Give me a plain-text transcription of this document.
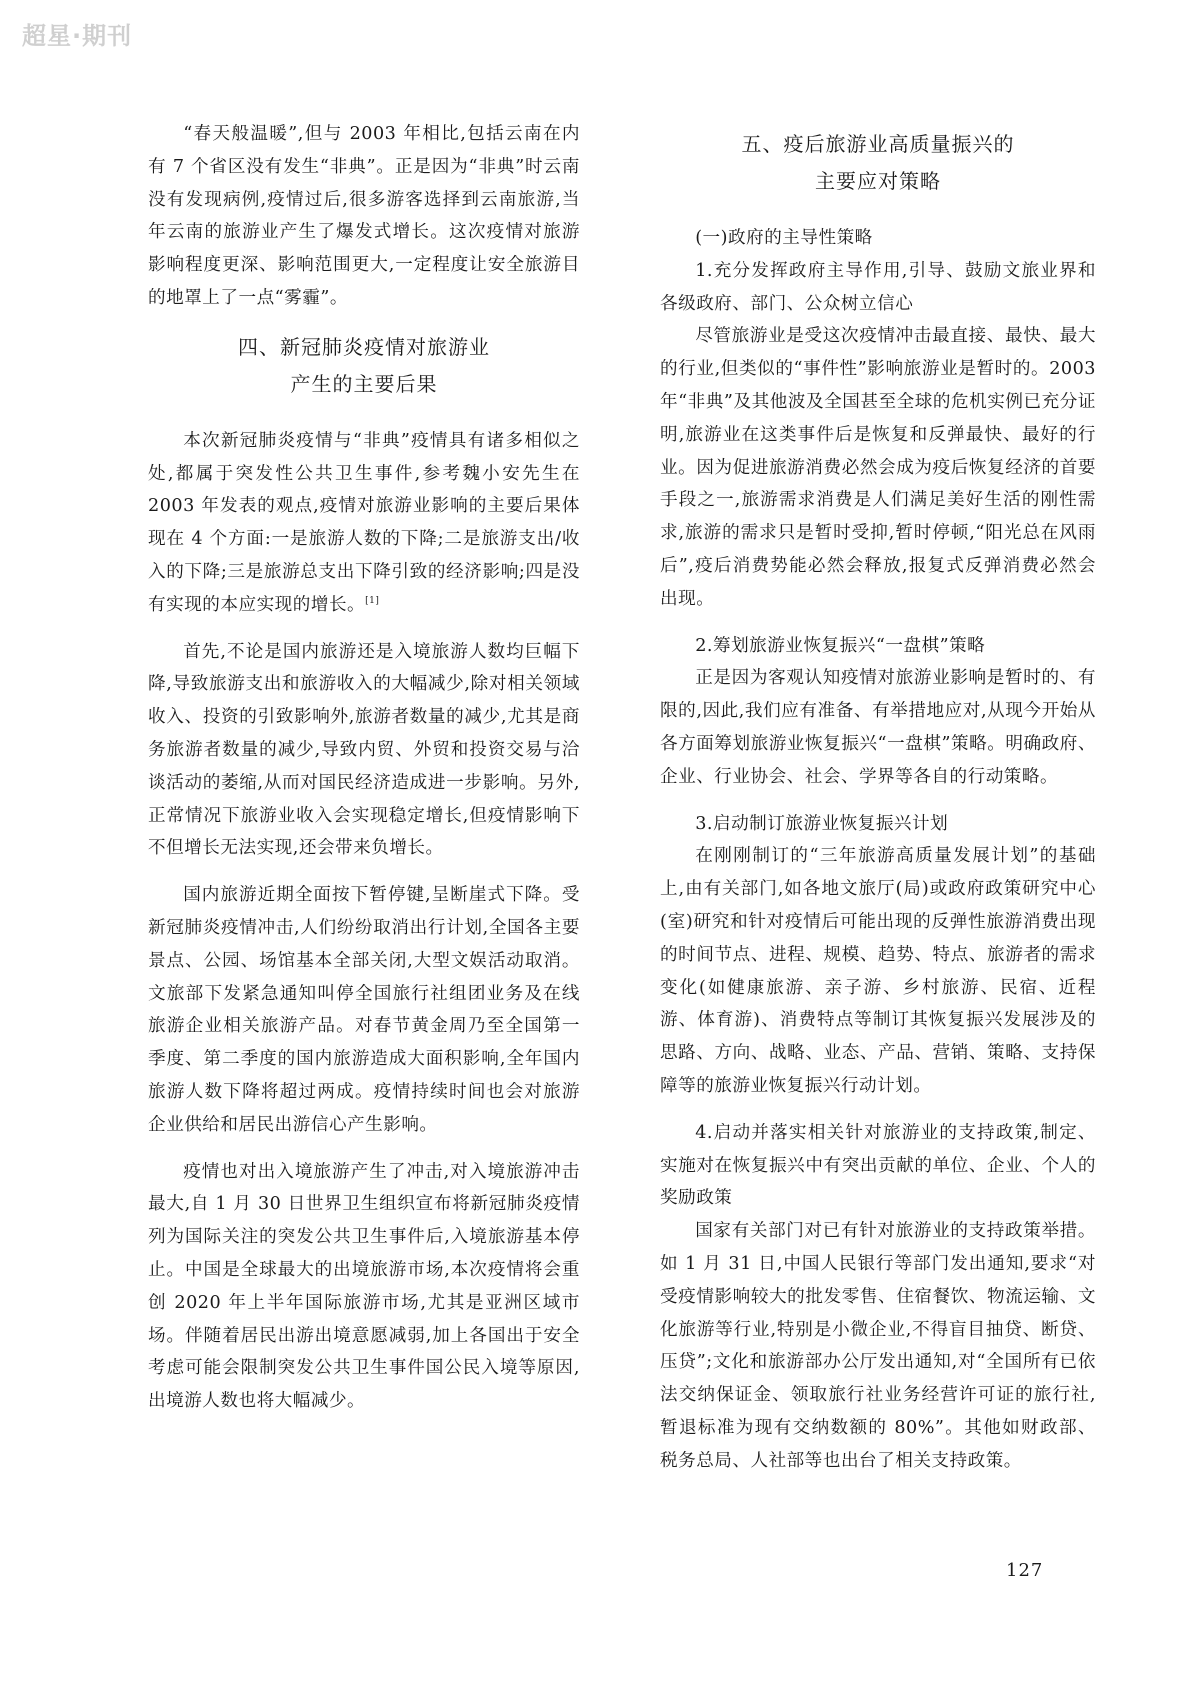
超星·期刊

“春天般温暖”,但与 2003 年相比,包括云南在内有 7 个省区没有发生“非典”。正是因为“非典”时云南没有发现病例,疫情过后,很多游客选择到云南旅游,当年云南的旅游业产生了爆发式增长。这次疫情对旅游影响程度更深、影响范围更大,一定程度让安全旅游目的地罩上了一点“雾霾”。

四、新冠肺炎疫情对旅游业
产生的主要后果

本次新冠肺炎疫情与“非典”疫情具有诸多相似之处,都属于突发性公共卫生事件,参考魏小安先生在 2003 年发表的观点,疫情对旅游业影响的主要后果体现在 4 个方面:一是旅游人数的下降;二是旅游支出/收入的下降;三是旅游总支出下降引致的经济影响;四是没有实现的本应实现的增长。[1]

首先,不论是国内旅游还是入境旅游人数均巨幅下降,导致旅游支出和旅游收入的大幅减少,除对相关领域收入、投资的引致影响外,旅游者数量的减少,尤其是商务旅游者数量的减少,导致内贸、外贸和投资交易与洽谈活动的萎缩,从而对国民经济造成进一步影响。另外,正常情况下旅游业收入会实现稳定增长,但疫情影响下不但增长无法实现,还会带来负增长。

国内旅游近期全面按下暂停键,呈断崖式下降。受新冠肺炎疫情冲击,人们纷纷取消出行计划,全国各主要景点、公园、场馆基本全部关闭,大型文娱活动取消。文旅部下发紧急通知叫停全国旅行社组团业务及在线旅游企业相关旅游产品。对春节黄金周乃至全国第一季度、第二季度的国内旅游造成大面积影响,全年国内旅游人数下降将超过两成。疫情持续时间也会对旅游企业供给和居民出游信心产生影响。

疫情也对出入境旅游产生了冲击,对入境旅游冲击最大,自 1 月 30 日世界卫生组织宣布将新冠肺炎疫情列为国际关注的突发公共卫生事件后,入境旅游基本停止。中国是全球最大的出境旅游市场,本次疫情将会重创 2020 年上半年国际旅游市场,尤其是亚洲区域市场。伴随着居民出游出境意愿减弱,加上各国出于安全考虑可能会限制突发公共卫生事件国公民入境等原因,出境游人数也将大幅减少。

五、疫后旅游业高质量振兴的
主要应对策略

(一)政府的主导性策略

1.充分发挥政府主导作用,引导、鼓励文旅业界和各级政府、部门、公众树立信心

尽管旅游业是受这次疫情冲击最直接、最快、最大的行业,但类似的“事件性”影响旅游业是暂时的。2003 年“非典”及其他波及全国甚至全球的危机实例已充分证明,旅游业在这类事件后是恢复和反弹最快、最好的行业。因为促进旅游消费必然会成为疫后恢复经济的首要手段之一,旅游需求消费是人们满足美好生活的刚性需求,旅游的需求只是暂时受抑,暂时停顿,“阳光总在风雨后”,疫后消费势能必然会释放,报复式反弹消费必然会出现。

2.筹划旅游业恢复振兴“一盘棋”策略

正是因为客观认知疫情对旅游业影响是暂时的、有限的,因此,我们应有准备、有举措地应对,从现今开始从各方面筹划旅游业恢复振兴“一盘棋”策略。明确政府、企业、行业协会、社会、学界等各自的行动策略。

3.启动制订旅游业恢复振兴计划

在刚刚制订的“三年旅游高质量发展计划”的基础上,由有关部门,如各地文旅厅(局)或政府政策研究中心(室)研究和针对疫情后可能出现的反弹性旅游消费出现的时间节点、进程、规模、趋势、特点、旅游者的需求变化(如健康旅游、亲子游、乡村旅游、民宿、近程游、体育游)、消费特点等制订其恢复振兴发展涉及的思路、方向、战略、业态、产品、营销、策略、支持保障等的旅游业恢复振兴行动计划。

4.启动并落实相关针对旅游业的支持政策,制定、实施对在恢复振兴中有突出贡献的单位、企业、个人的奖励政策

国家有关部门对已有针对旅游业的支持政策举措。如 1 月 31 日,中国人民银行等部门发出通知,要求“对受疫情影响较大的批发零售、住宿餐饮、物流运输、文化旅游等行业,特别是小微企业,不得盲目抽贷、断贷、压贷”;文化和旅游部办公厅发出通知,对“全国所有已依法交纳保证金、领取旅行社业务经营许可证的旅行社,暂退标准为现有交纳数额的 80%”。其他如财政部、税务总局、人社部等也出台了相关支持政策。

127
